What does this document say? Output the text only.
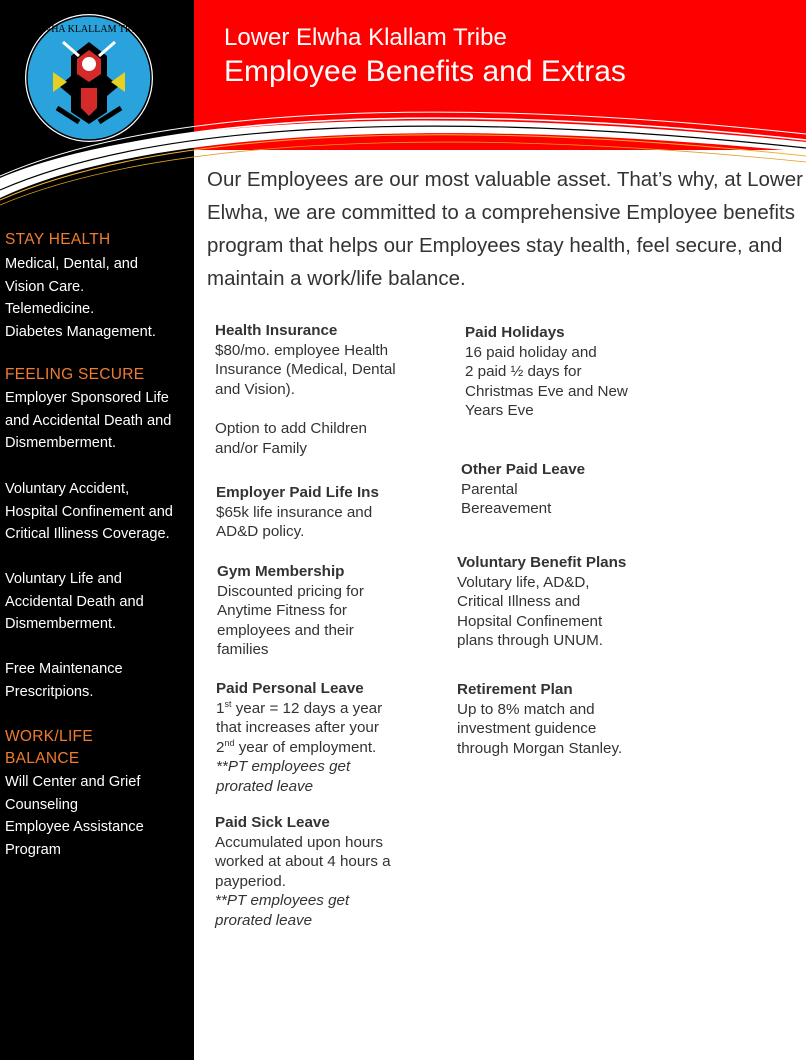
ELWHA KLALLAM TRIBE	Lower Elwha Klallam Tribe
Employee Benefits and Extras
Our Employees are our most valuable asset. That’s why, at Lower Elwha, we are committed to a comprehensive Employee benefits program that helps our Employees stay health, feel secure, and maintain a work/life balance.
STAY HEALTH
Medical, Dental, and
Vision Care.
Telemedicine.
Diabetes Management.
FEELING SECURE
Employer Sponsored Life
and Accidental Death and
Dismemberment.
Voluntary Accident,
Hospital Confinement and
Critical Illiness Coverage.
Voluntary Life and
Accidental Death and
Dismemberment.
Free Maintenance
Prescritpions.
WORK/LIFE
BALANCE
Will Center and Grief
Counseling
Employee Assistance
Program
Health Insurance
$80/mo. employee Health
Insurance (Medical, Dental
and Vision).
Option to add Children
and/or Family
Employer Paid Life Ins
$65k life insurance and
AD&D policy.
Gym Membership
Discounted pricing for
Anytime Fitness for
employees and their
families
Paid Personal Leave
1st year = 12 days a year
that increases after your
2nd year of employment.
**PT employees get
prorated leave
Paid Sick Leave
Accumulated upon hours
worked at about 4 hours a
payperiod.
**PT employees get
prorated leave
Paid Holidays
16 paid holiday and
2 paid ½ days for
Christmas Eve and New
Years Eve
Other Paid Leave
Parental
Bereavement
Voluntary Benefit Plans
Volutary life, AD&D,
Critical Illness and
Hopsital Confinement
plans through UNUM.
Retirement Plan
Up to 8% match and
investment guidence
through Morgan Stanley.
